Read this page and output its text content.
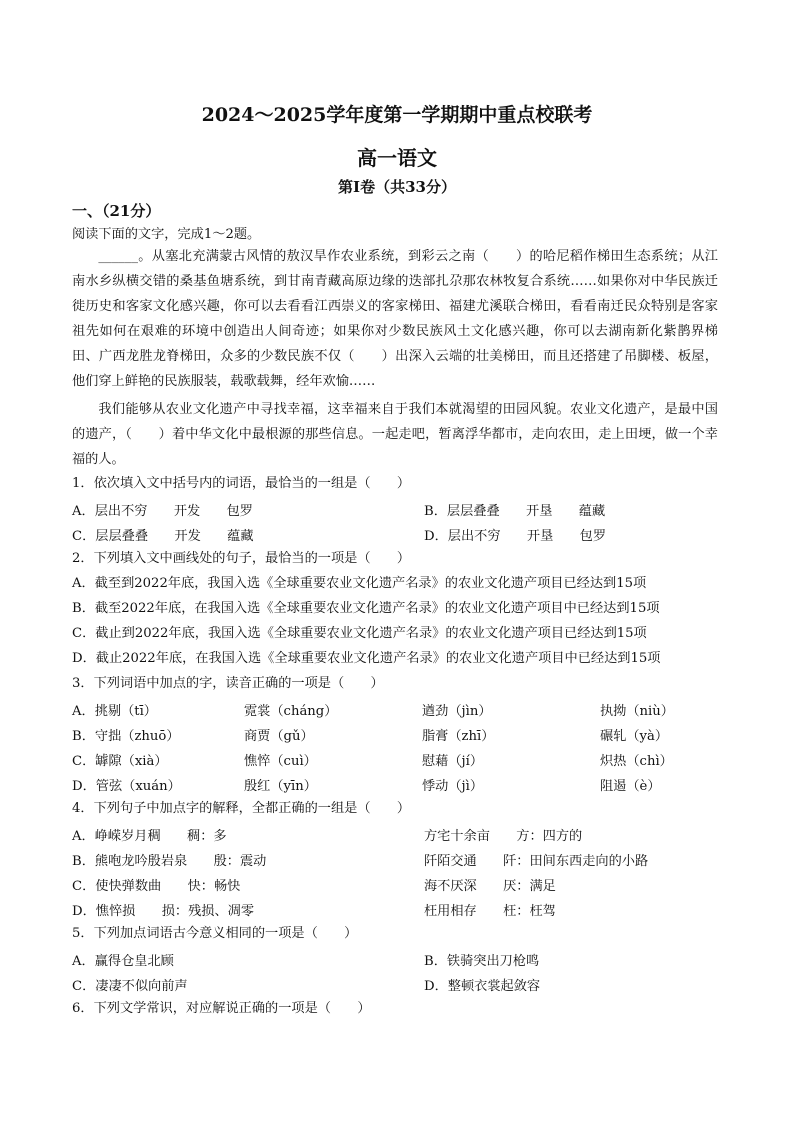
2024～2025学年度第一学期期中重点校联考
高一语文
第Ⅰ卷（共33分）
一、（21分）
阅读下面的文字，完成1～2题。
______。从塞北充满蒙古风情的敖汉旱作农业系统，到彩云之南（　　）的哈尼稻作梯田生态系统；从江南水乡纵横交错的桑基鱼塘系统，到甘南青藏高原边缘的迭部扎尕那农林牧复合系统……如果你对中华民族迁徙历史和客家文化感兴趣，你可以去看看江西崇义的客家梯田、福建尤溪联合梯田，看看南迁民众特别是客家祖先如何在艰难的环境中创造出人间奇迹；如果你对少数民族风土文化感兴趣，你可以去湖南新化紫鹊界梯田、广西龙胜龙脊梯田，众多的少数民族不仅（　　）出深入云端的壮美梯田，而且还搭建了吊脚楼、板屋，他们穿上鲜艳的民族服装，载歌载舞，经年欢愉……
我们能够从农业文化遗产中寻找幸福，这幸福来自于我们本就渴望的田园风貌。农业文化遗产，是最中国的遗产，（　　）着中华文化中最根源的那些信息。一起走吧，暂离浮华都市，走向农田，走上田埂，做一个幸福的人。
1．依次填入文中括号内的词语，最恰当的一组是（　　）
A．层出不穷　　开发　　包罗	B．层层叠叠　　开垦　　蕴藏
C．层层叠叠　　开发　　蕴藏	D．层出不穷　　开垦　　包罗
2．下列填入文中画线处的句子，最恰当的一项是（　　）
A．截至到2022年底，我国入选《全球重要农业文化遗产名录》的农业文化遗产项目已经达到15项
B．截至2022年底，在我国入选《全球重要农业文化遗产名录》的农业文化遗产项目中已经达到15项
C．截止到2022年底，我国入选《全球重要农业文化遗产名录》的农业文化遗产项目已经达到15项
D．截止2022年底，在我国入选《全球重要农业文化遗产名录》的农业文化遗产项目中已经达到15项
3．下列词语中加点的字，读音正确的一项是（　　）
A．挑剔（tī）	霓裳（cháng）	遒劲（jìn）	执拗（niù）
B．守拙（zhuō）	商贾（gǔ）	脂膏（zhī）	碾轧（yà）
C．罅隙（xià）	憔悴（cuì）	慰藉（jí）	炽热（chì）
D．管弦（xuán）	殷红（yīn）	悸动（jì）	阻遏（è）
4．下列句子中加点字的解释，全都正确的一组是（　　）
A．峥嵘岁月稠　　稠：多	方宅十余亩　　方：四方的
B．熊咆龙吟殷岩泉　　殷：震动	阡陌交通　　阡：田间东西走向的小路
C．使快弹数曲　　快：畅快	海不厌深　　厌：满足
D．憔悴损　　损：残损、凋零	枉用相存　　枉：枉驾
5．下列加点词语古今意义相同的一项是（　　）
A．赢得仓皇北顾	B．铁骑突出刀枪鸣
C．凄凄不似向前声	D．整顿衣裳起敛容
6．下列文学常识，对应解说正确的一项是（　　）
